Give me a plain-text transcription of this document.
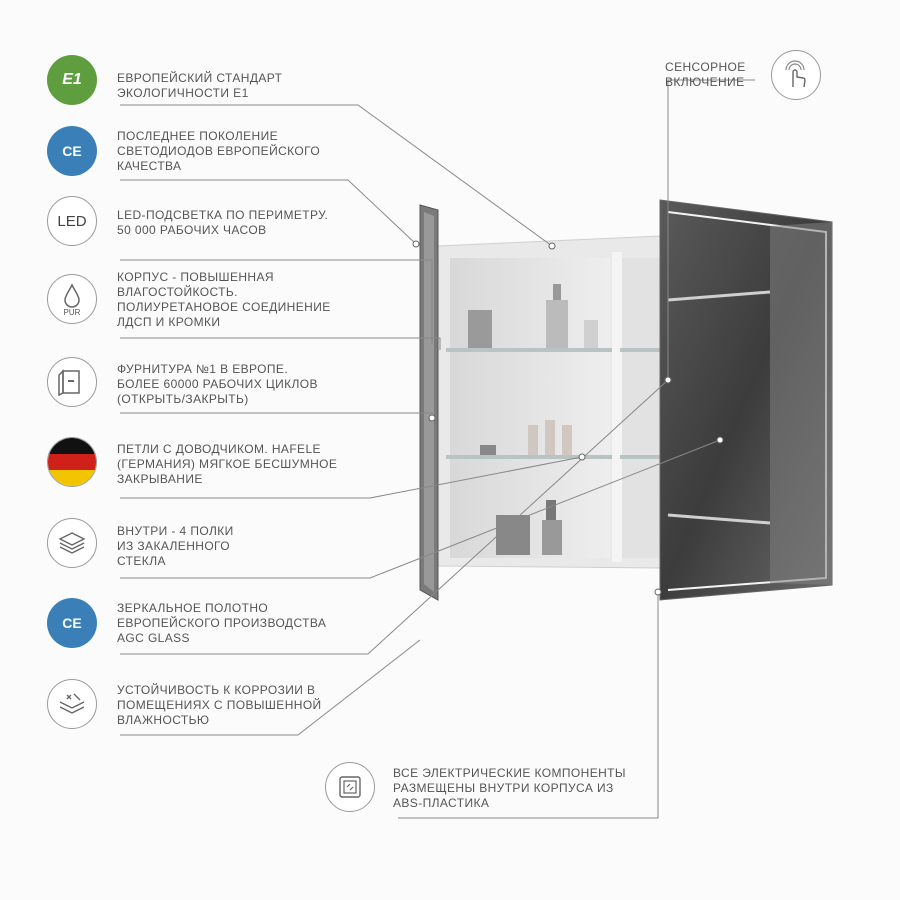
E1	ЕВРОПЕЙСКИЙ СТАНДАРТ
ЭКОЛОГИЧНОСТИ Е1
CE
ПОСЛЕДНЕЕ ПОКОЛЕНИЕ
СВЕТОДИОДОВ ЕВРОПЕЙСКОГО
КАЧЕСТВА
LED	LED-ПОДСВЕТКА ПО ПЕРИМЕТРУ.
50 000 РАБОЧИХ ЧАСОВ
PUR
КОРПУС - ПОВЫШЕННАЯ
ВЛАГОСТОЙКОСТЬ.
ПОЛИУРЕТАНОВОЕ СОЕДИНЕНИЕ
ЛДСП И КРОМКИ
ФУРНИТУРА №1 В ЕВРОПЕ.
БОЛЕЕ 60000 РАБОЧИХ ЦИКЛОВ
(ОТКРЫТЬ/ЗАКРЫТЬ)
ПЕТЛИ С ДОВОДЧИКОМ. HAFELE
(ГЕРМАНИЯ) МЯГКОЕ БЕСШУМНОЕ
ЗАКРЫВАНИЕ
ВНУТРИ - 4 ПОЛКИ
ИЗ ЗАКАЛЕННОГО
СТЕКЛА
CE
ЗЕРКАЛЬНОЕ ПОЛОТНО
ЕВРОПЕЙСКОГО ПРОИЗВОДСТВА
AGC GLASS
УСТОЙЧИВОСТЬ К КОРРОЗИИ В
ПОМЕЩЕНИЯХ С ПОВЫШЕННОЙ
ВЛАЖНОСТЬЮ
СЕНСОРНОЕ
ВКЛЮЧЕНИЕ
ВСЕ ЭЛЕКТРИЧЕСКИЕ КОМПОНЕНТЫ
РАЗМЕЩЕНЫ ВНУТРИ КОРПУСА ИЗ
ABS-ПЛАСТИКА
